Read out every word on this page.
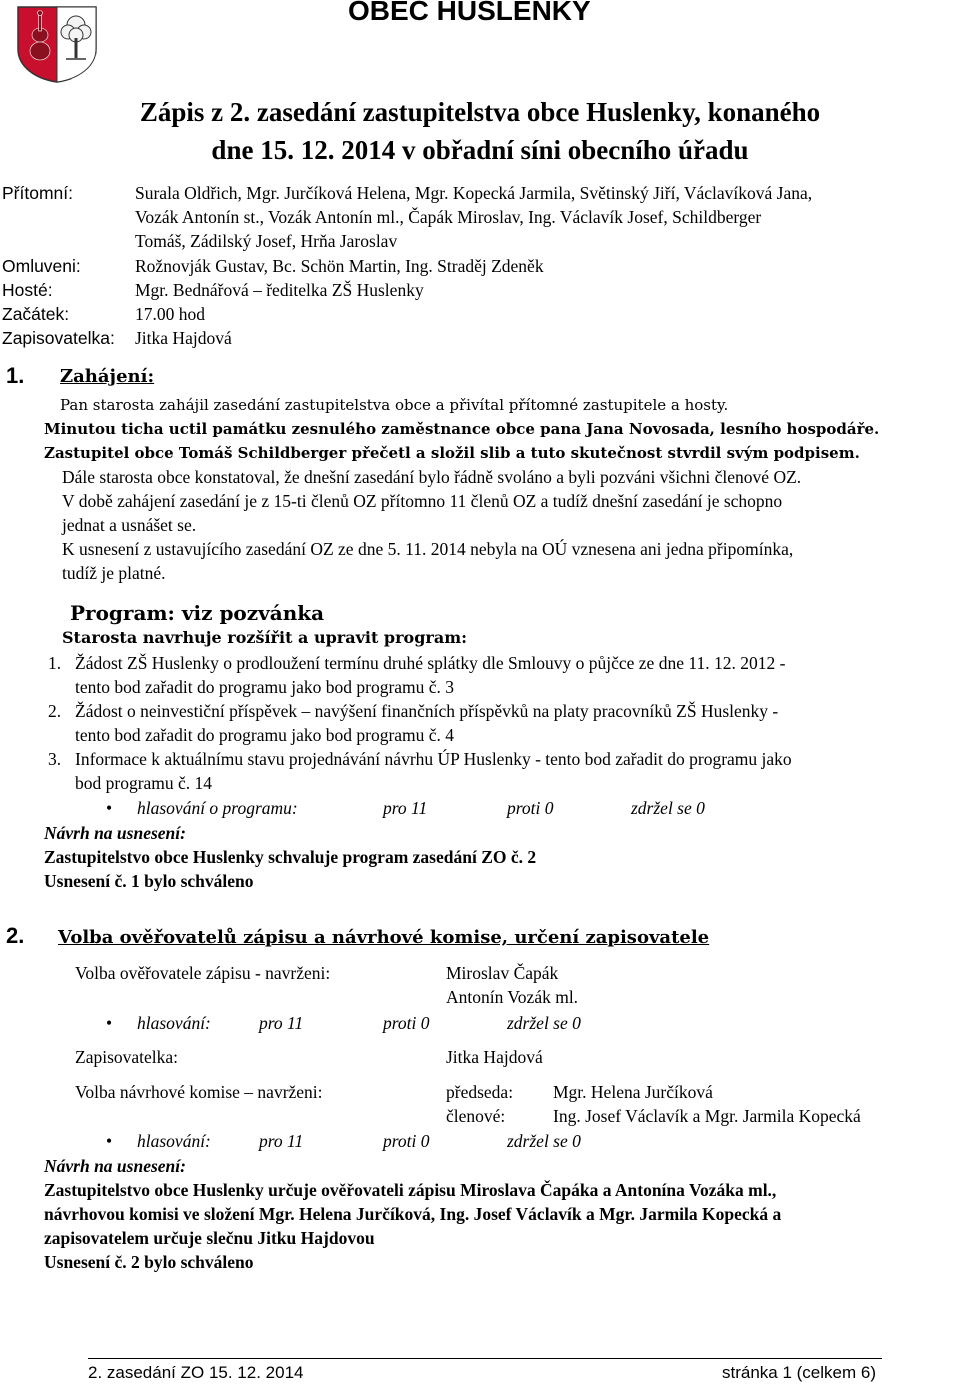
OBEC HUSLENKY
Zápis z 2. zasedání zastupitelstva obce Huslenky, konaného
dne 15. 12. 2014 v obřadní síni obecního úřadu
Přítomní:	Surala Oldřich, Mgr. Jurčíková Helena, Mgr. Kopecká Jarmila, Světinský Jiří, Václavíková Jana,
Vozák Antonín st., Vozák Antonín ml., Čapák Miroslav, Ing. Václavík Josef, Schildberger
Tomáš, Zádilský Josef, Hrňa Jaroslav
Omluveni:	Rožnovják Gustav, Bc. Schön Martin, Ing. Straděj Zdeněk
Hosté:	Mgr. Bednářová – ředitelka ZŠ Huslenky
Začátek:	17.00 hod
Zapisovatelka: Jitka Hajdová
1. Zahájení:
Pan starosta zahájil zasedání zastupitelstva obce a přivítal přítomné zastupitele a hosty.
Minutou ticha uctil památku zesnulého zaměstnance obce pana Jana Novosada, lesního hospodáře.
Zastupitel obce Tomáš Schildberger přečetl a složil slib a tuto skutečnost stvrdil svým podpisem.
Dále starosta obce konstatoval, že dnešní zasedání bylo řádně svoláno a byli pozváni všichni členové OZ.
V době zahájení zasedání je z 15-ti členů OZ přítomno 11 členů OZ a tudíž dnešní zasedání je schopno
jednat a usnášet se.
K usnesení z ustavujícího zasedání OZ ze dne 5. 11. 2014 nebyla na OÚ vznesena ani jedna připomínka,
tudíž je platné.
Program: viz pozvánka
Starosta navrhuje rozšířit a upravit program:
1. Žádost ZŠ Huslenky o prodloužení termínu druhé splátky dle Smlouvy o půjčce ze dne 11. 12. 2012 -
tento bod zařadit do programu jako bod programu č. 3
2. Žádost o neinvestiční příspěvek – navýšení finančních příspěvků na platy pracovníků ZŠ Huslenky -
tento bod zařadit do programu jako bod programu č. 4
3. Informace k aktuálnímu stavu projednávání návrhu ÚP Huslenky - tento bod zařadit do programu jako
bod programu č. 14
• hlasování o programu:	pro 11	proti 0	zdržel se 0
Návrh na usnesení:
Zastupitelstvo obce Huslenky schvaluje program zasedání ZO č. 2
Usnesení č. 1 bylo schváleno
2. Volba ověřovatelů zápisu a návrhové komise, určení zapisovatele
Volba ověřovatele zápisu - navrženi:	Miroslav Čapák
Antonín Vozák ml.
• hlasování:	pro 11	proti 0	zdržel se 0
Zapisovatelka:	Jitka Hajdová
Volba návrhové komise – navrženi:	předseda: Mgr. Helena Jurčíková
členové:	Ing. Josef Václavík a Mgr. Jarmila Kopecká
• hlasování:	pro 11	proti 0	zdržel se 0
Návrh na usnesení:
Zastupitelstvo obce Huslenky určuje ověřovateli zápisu Miroslava Čapáka a Antonína Vozáka ml.,
návrhovou komisi ve složení Mgr. Helena Jurčíková, Ing. Josef Václavík a Mgr. Jarmila Kopecká a
zapisovatelem určuje slečnu Jitku Hajdovou
Usnesení č. 2 bylo schváleno
2. zasedání ZO 15. 12. 2014	stránka 1 (celkem 6)
